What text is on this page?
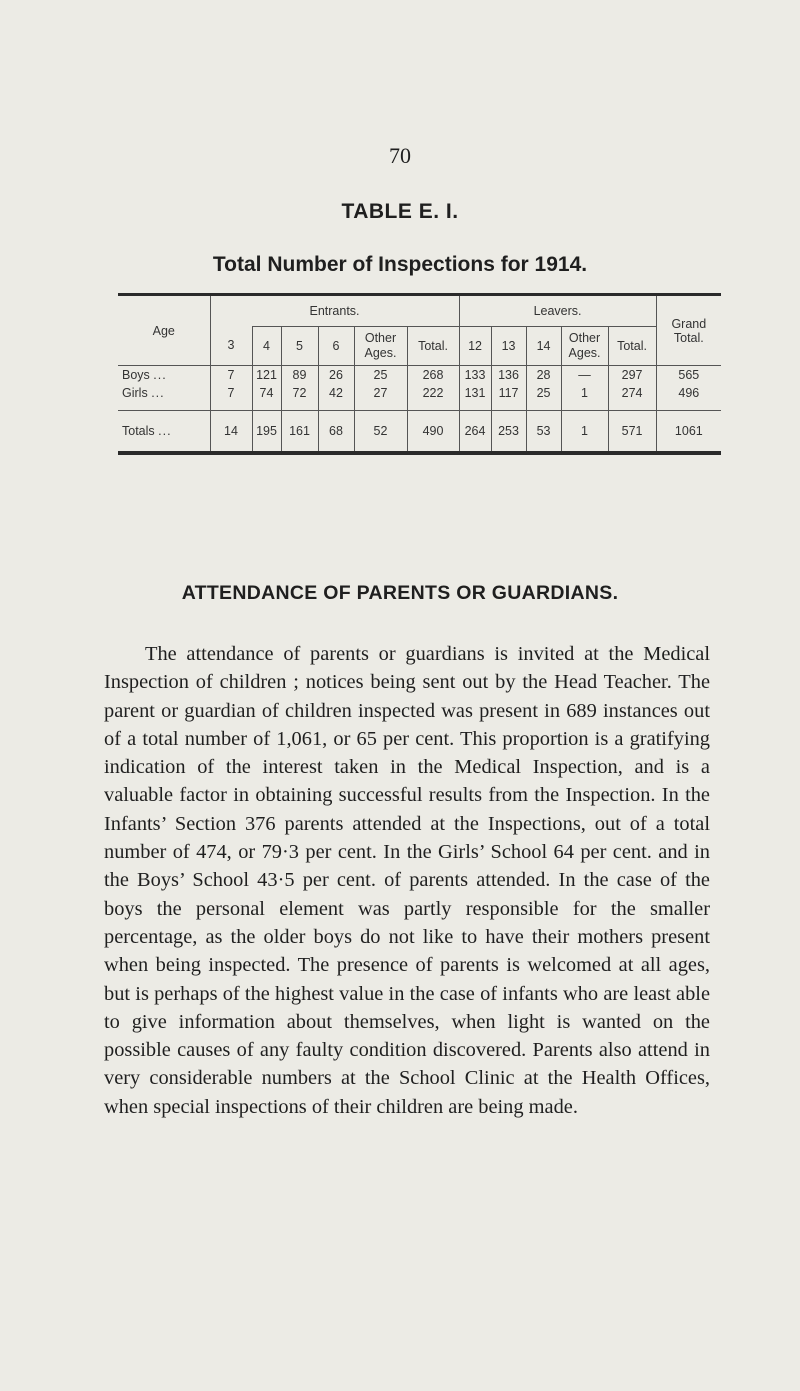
70
TABLE E. I.
Total Number of Inspections for 1914.
Age	Entrants.						Leavers.					Grand Total.
	3	4	5	6	Other Ages.	Total.	12	13	14	Other Ages.	Total.	
Boys ...	7	121	89	26	25	268	133	136	28	—	297	565
Girls ...	7	74	72	42	27	222	131	117	25	1	274	496

Totals ...	14	195	161	68	52	490	264	253	53	1	571	1061
ATTENDANCE OF PARENTS OR GUARDIANS.

The attendance of parents or guardians is invited at the Medical Inspection of children ; notices being sent out by the Head Teacher. The parent or guardian of children inspected was present in 689 instances out of a total number of 1,061, or 65 per cent. This proportion is a gratifying indication of the interest taken in the Medical Inspection, and is a valuable factor in obtaining successful results from the Inspection. In the Infants’ Section 376 parents attended at the Inspections, out of a total number of 474, or 79·3 per cent. In the Girls’ School 64 per cent. and in the Boys’ School 43·5 per cent. of parents attended. In the case of the boys the personal element was partly responsible for the smaller percentage, as the older boys do not like to have their mothers present when being inspected. The presence of parents is welcomed at all ages, but is perhaps of the highest value in the case of infants who are least able to give information about themselves, when light is wanted on the possible causes of any faulty condition discovered. Parents also attend in very considerable numbers at the School Clinic at the Health Offices, when special inspections of their children are being made.
